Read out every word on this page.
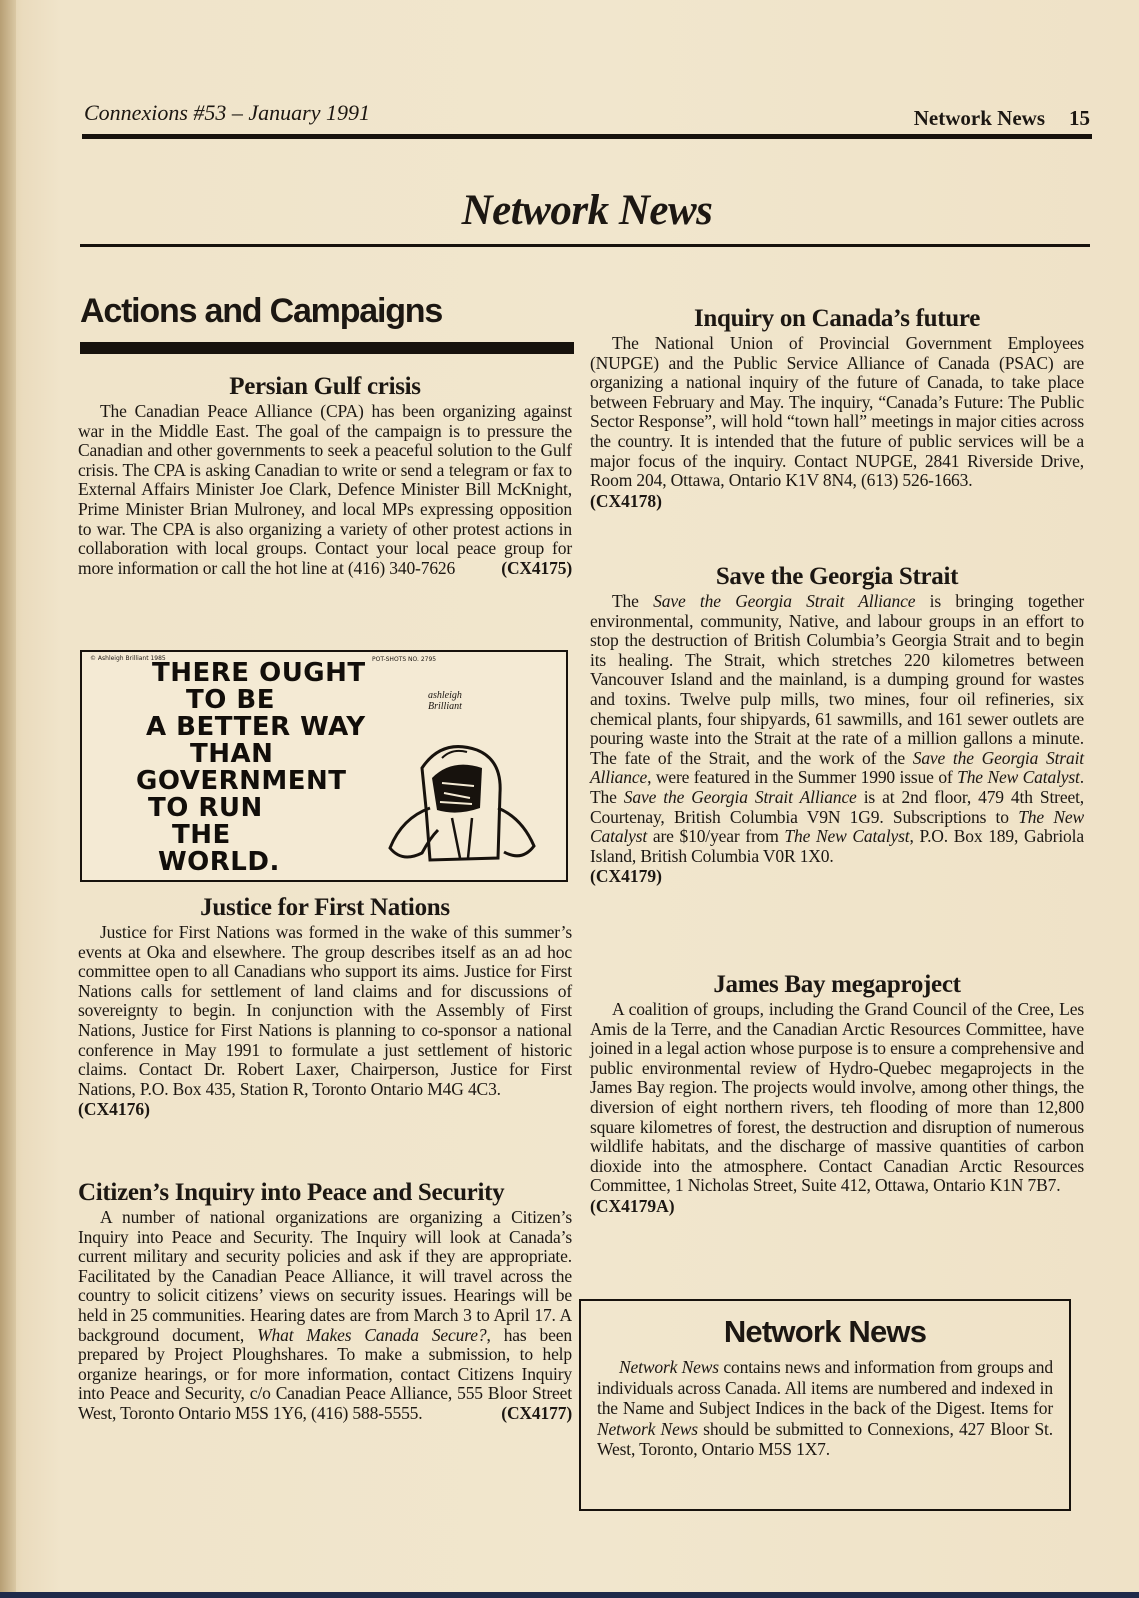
Connexions #53 – January 1991	Network News 15
Network News
Actions and Campaigns
Persian Gulf crisis

The Canadian Peace Alliance (CPA) has been organizing against war in the Middle East. The goal of the campaign is to pressure the Canadian and other governments to seek a peaceful solution to the Gulf crisis. The CPA is asking Canadian to write or send a telegram or fax to External Affairs Minister Joe Clark, Defence Minister Bill McKnight, Prime Minister Brian Mulroney, and local MPs expressing opposition to war. The CPA is also organizing a variety of other protest actions in collaboration with local groups. Contact your local peace group for more information or call the hot line at (416) 340-7626	(CX4175)

© Ashleigh Brilliant 1985	POT-SHOTS NO. 2795
THERE OUGHT
TO BE
A BETTER WAY
THAN
GOVERNMENT
TO RUN
THE
WORLD.
ashleigh
Brilliant
Justice for First Nations

Justice for First Nations was formed in the wake of this summer’s events at Oka and elsewhere. The group describes itself as an ad hoc committee open to all Canadians who support its aims. Justice for First Nations calls for settlement of land claims and for discussions of sovereignty to begin. In conjunction with the Assembly of First Nations, Justice for First Nations is planning to co-sponsor a national conference in May 1991 to formulate a just settlement of historic claims. Contact Dr. Robert Laxer, Chairperson, Justice for First Nations, P.O. Box 435, Station R, Toronto Ontario M4G 4C3.

(CX4176)
Citizen’s Inquiry into Peace and Security

A number of national organizations are organizing a Citizen’s Inquiry into Peace and Security. The Inquiry will look at Canada’s current military and security policies and ask if they are appropriate. Facilitated by the Canadian Peace Alliance, it will travel across the country to solicit citizens’ views on security issues. Hearings will be held in 25 communities. Hearing dates are from March 3 to April 17. A background document, What Makes Canada Secure?, has been prepared by Project Ploughshares. To make a submission, to help organize hearings, or for more information, contact Citizens Inquiry into Peace and Security, c/o Canadian Peace Alliance, 555 Bloor Street West, Toronto Ontario M5S 1Y6, (416) 588-5555.	(CX4177)

Inquiry on Canada’s future

The National Union of Provincial Government Employees (NUPGE) and the Public Service Alliance of Canada (PSAC) are organizing a national inquiry of the future of Canada, to take place between February and May. The inquiry, “Canada’s Future: The Public Sector Response”, will hold “town hall” meetings in major cities across the country. It is intended that the future of public services will be a major focus of the inquiry. Contact NUPGE, 2841 Riverside Drive, Room 204, Ottawa, Ontario K1V 8N4, (613) 526-1663.

(CX4178)
Save the Georgia Strait

The Save the Georgia Strait Alliance is bringing together environmental, community, Native, and labour groups in an effort to stop the destruction of British Columbia’s Georgia Strait and to begin its healing. The Strait, which stretches 220 kilometres between Vancouver Island and the mainland, is a dumping ground for wastes and toxins. Twelve pulp mills, two mines, four oil refineries, six chemical plants, four shipyards, 61 sawmills, and 161 sewer outlets are pouring waste into the Strait at the rate of a million gallons a minute. The fate of the Strait, and the work of the Save the Georgia Strait Alliance, were featured in the Summer 1990 issue of The New Catalyst. The Save the Georgia Strait Alliance is at 2nd floor, 479 4th Street, Courtenay, British Columbia V9N 1G9. Subscriptions to The New Catalyst are $10/year from The New Catalyst, P.O. Box 189, Gabriola Island, British Columbia V0R 1X0.

(CX4179)
James Bay megaproject

A coalition of groups, including the Grand Council of the Cree, Les Amis de la Terre, and the Canadian Arctic Resources Committee, have joined in a legal action whose purpose is to ensure a comprehensive and public environmental review of Hydro-Quebec megaprojects in the James Bay region. The projects would involve, among other things, the diversion of eight northern rivers, teh flooding of more than 12,800 square kilometres of forest, the destruction and disruption of numerous wildlife habitats, and the discharge of massive quantities of carbon dioxide into the atmosphere. Contact Canadian Arctic Resources Committee, 1 Nicholas Street, Suite 412, Ottawa, Ontario K1N 7B7.

(CX4179A)
Network News

Network News contains news and information from groups and individuals across Canada. All items are numbered and indexed in the Name and Subject Indices in the back of the Digest. Items for Network News should be submitted to Connexions, 427 Bloor St. West, Toronto, Ontario M5S 1X7.
